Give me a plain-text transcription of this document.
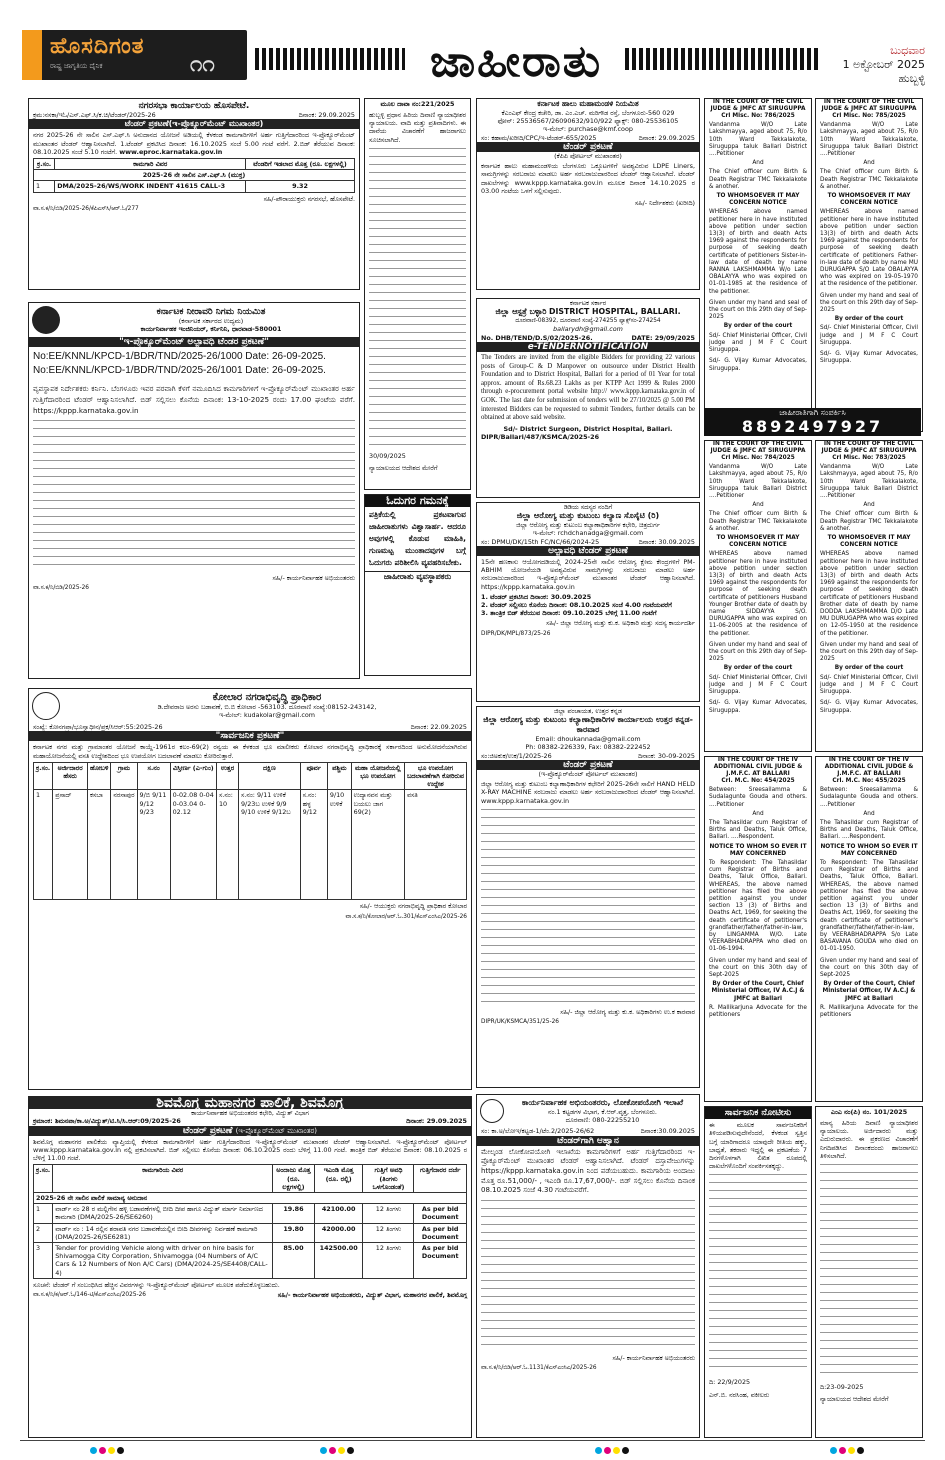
ಹೊಸದಿಗಂತ
ರಾಷ್ಟ್ರ ಜಾಗೃತಿಯ ದೈನಿಕ	೧೧	ಜಾಹೀರಾತು	ಬುಧವಾರ
1 ಅಕ್ಟೋಬರ್ 2025
ಹುಬ್ಬಳ್ಳಿ
ನಗರಸಭಾ ಕಾರ್ಯಾಲಯ ಹೊಸಪೇಟೆ.
ಕ್ರಮ:ನಸಕಾ/ಇಓ/ಎಸ್.ಎಫ್.ಸಿ/ಕ.ಚಿ/ಟೆಂಡರ್/2025-26	ದಿನಾಂಕ: 29.09.2025
ಟೆಂಡರ್ ಪ್ರಕಟಣೆ(ಇ-ಪ್ರೊಕ್ಯೂರ್‌ಮೆಂಟ್ ಮುಖಾಂತರ)
ನಗರ 2025-26 ನೇ ಸಾಲಿನ ಎಸ್.ಎಫ್.ಸಿ ಅನುದಾನದ ಯೋಜನೆ ಅಡಿಯಲ್ಲಿ ಕೆಳಕಂಡ ಕಾಮಗಾರಿಗಳಿಗೆ ಅರ್ಹ ಗುತ್ತಿಗೆದಾರರಿಂದ ಇ-ಪ್ರೊಕ್ಯೂರ್‌ಮೆಂಟ್ ಮುಖಾಂತರ ಟೆಂಡರ್ ಆಹ್ವಾನಿಸಲಾಗಿದೆ. 1.ಟೆಂಡರ್ ಪ್ರಕಟಿಸಿದ ದಿನಾಂಕ: 16.10.2025 ಸಂಜೆ 5.00 ಗಂಟೆ ವರೆಗೆ. 2.ಬಿಡ್ ತೆರೆಯುವ ದಿನಾಂಕ: 08.10.2025 ಸಂಜೆ 5.10 ಗಂಟೆಗೆ. www.eproc.karnataka.gov.in
ಕ್ರ.ಸಂ.	ಕಾಮಗಾರಿ ವಿವರ	ಟೆಂಡರಿಗೆ ಇಡಲಾದ ಮೊತ್ತ (ರೂ. ಲಕ್ಷಗಳಲ್ಲಿ)
2025-26 ನೇ ಸಾಲಿನ ಎಸ್.ಎಫ್.ಸಿ (ಮುಕ್ತ)		
1	DMA/2025-26/WS/WORK INDENT 41615 CALL-3	9.32
ಸಹಿ/-ಪೌರಾಯುಕ್ತರು ನಗರಸಭೆ, ಹೊಸಪೇಟೆ.
ವಾ.ಸ.ಕ/ನಿ/ಬಿಡಿ/2025-26/ಕೆಪಿಎಸ್‌ಸಿ/ಆರ್.ಓ/277
ಕರ್ನಾಟಕ ನೀರಾವರಿ ನಿಗಮ ನಿಯಮಿತ
(ಕರ್ನಾಟಕ ಸರ್ಕಾರದ ಉದ್ಯಮ)
ಕಾರ್ಯನಿರ್ವಾಹಕ ಇಂಜಿನಿಯರ್, ಕರ್ನಿನಿನಿ, ಧಾರವಾಡ-580001
"ಇ-ಪ್ರೊಕ್ಯೂರ್‌ಮೆಂಟ್ ಅಲ್ಪಾವಧಿ ಟೆಂಡರ ಪ್ರಕಟಣೆ"
No:EE/KNNL/KPCD-1/BDR/TND/2025-26/1000 Date: 26-09-2025.
No:EE/KNNL/KPCD-1/BDR/TND/2025-26/1001 Date: 26-09-2025.
ವ್ಯವಸ್ಥಾಪಕ ನಿರ್ದೇಶಕರು ಕರ್ನಿನಿ. ಬೆಂಗಳೂರು ಇವರ ಪರವಾಗಿ ಕೆಳಗೆ ನಮೂದಿಸಿದ ಕಾಮಗಾರಿಗಳಿಗೆ ಇ-ಪ್ರೊಕ್ಯೂರ್‌ಮೆಂಟ್ ಮುಖಾಂತರ ಅರ್ಹ ಗುತ್ತಿಗೆದಾರರಿಂದ ಟೆಂಡರ್ ಆಹ್ವಾನಿಸಲಾಗಿದೆ. ಬಿಡ್ ಸಲ್ಲಿಸಲು ಕೊನೆಯ ದಿನಾಂಕ: 13-10-2025 ರಂದು 17.00 ಘಂಟೆಯ ವರೆಗೆ. https://kppp.karnataka.gov.in
ಸಹಿ/- ಕಾರ್ಯನಿರ್ವಾಹಕ ಅಭಿಯಂತರರು
ವಾ.ಸ.ಕ/ನಿ/ಬಿಡಿ/2025-26
ಮೂಲ ದಾವಾ ನಂ:221/2025
ಹುಬ್ಬಳ್ಳಿ ಪ್ರಧಾನ ಹಿರಿಯ ದಿವಾಣಿ ನ್ಯಾಯಾಧೀಶರ ನ್ಯಾಯಾಲಯ. ವಾದಿ ಮತ್ತು ಪ್ರತಿವಾದಿಗಳು. ಈ ದಾವೆಯ ವಿಚಾರಣೆಗೆ ಹಾಜರಾಗಲು ಸೂಚಿಸಲಾಗಿದೆ.
30/09/2025
ನ್ಯಾಯಾಲಯದ ಆದೇಶದ ಮೇರೆಗೆ
ಓದುಗರ ಗಮನಕ್ಕೆ
ಪತ್ರಿಕೆಯಲ್ಲಿ ಪ್ರಕಟವಾಗುವ ಜಾಹೀರಾತುಗಳು ವಿಶ್ವಾಸಾರ್ಹ. ಆದರೂ ಅವುಗಳಲ್ಲಿ ಕೊಡುವ ಮಾಹಿತಿ, ಗುಣಮಟ್ಟ ಮುಂತಾದವುಗಳ ಬಗ್ಗೆ ಓದುಗರು ಪರಿಶೀಲಿಸಿ ವ್ಯವಹರಿಸಬೇಕು.
ಜಾಹೀರಾತು ವ್ಯವಸ್ಥಾಪಕರು
ಕರ್ನಾಟಕ ಹಾಲು ಮಹಾಮಂಡಳಿ ನಿಯಮಿತ
ಕೆಎಂಎಫ್ ಕೇಂದ್ರ ಕಚೇರಿ, ಡಾ. ಎಂ.ಎಚ್. ಮರಿಗೌಡ ರಸ್ತೆ, ಬೆಂಗಳೂರು-560 029
ಫೋನ್: 25536567/26090632/910/922 ಫ್ಯಾಕ್ಸ್: 080-25536105
ಇ-ಮೇಲ್: purchase@kmf.coop
ಸಂ: ಕಹಾಮ/ಖರೀದಿ/CPC/ಇ-ಟೆಂಡರ್-655/2025	ದಿನಾಂಕ: 29.09.2025
ಟೆಂಡರ್ ಪ್ರಕಟಣೆ
(ಕೆಪಿಪಿ ಪೋರ್ಟಲ್ ಮುಖಾಂತರ)
ಕರ್ನಾಟಕ ಹಾಲು ಮಹಾಮಂಡಳಿಯ ಬೆಂಗಳೂರು ಒಕ್ಕೂಟಗಳಿಗೆ ಅವಶ್ಯವಿರುವ LDPE Liners, ಸಾಮಗ್ರಿಗಳನ್ನು ಸರಬರಾಜು ಮಾಡಲು ಅರ್ಹ ಸರಬರಾಜುದಾರರಿಂದ ಟೆಂಡರ್ ಆಹ್ವಾನಿಸಲಾಗಿದೆ. ಟೆಂಡರ್ ದಾಖಲೆಗಳನ್ನು www.kppp.karnataka.gov.in ಮೂಲಕ ದಿನಾಂಕ 14.10.2025 ರ 03.00 ಗಂಟೆಯ ಒಳಗೆ ಸಲ್ಲಿಸುವುದು.
ಸಹಿ/- ನಿರ್ದೇಶಕರು (ಖರೀದಿ)
ಕರ್ನಾಟಕ ಸರ್ಕಾರ
ಜಿಲ್ಲಾ ಆಸ್ಪತ್ರೆ ಬಳ್ಳಾರಿ DISTRICT HOSPITAL, BALLARI.
ದೂರವಾಣಿ-08392, ದೂರವಾಣಿ ಸಂಖ್ಯೆ-274255 ಫ್ಯಾಕ್ಸ್‌ಸಂ-274254
ballarydh@gmail.com
No. DHB/TEND/D.S/02/2025-26.	DATE: 29/09/2025
e-TENDERNOTIFICATION
The Tenders are invited from the eligible Bidders for providing 22 various posts of Group-C & D Manpower on outsource under District Health Foundation and to District Hospital, Ballari for a period of 01 Year for total approx. amount of Rs.68.23 Lakhs as per KTPP Act 1999 & Rules 2000 through e-procurement portal website http:// www.kppp.karnataka.gov.in of GOK. The last date for submission of tenders will be 27/10/2025 @ 5.00 PM interested Bidders can be requested to submit Tenders, further details can be obtained at above said website.
Sd/- District Surgeon, District Hospital, Ballari.
DIPR/Ballari/487/KSMCA/2025-26
ಡಿಡಿಯ ಸದಸ್ಯರ ನಂದಿಗೆ
ಜಿಲ್ಲಾ ಆರೋಗ್ಯ ಮತ್ತು ಕುಟುಂಬ ಕಲ್ಯಾಣ ಸೊಸೈಟಿ (ರಿ)
ಜಿಲ್ಲಾ ಆರೋಗ್ಯ ಮತ್ತು ಕುಟುಂಬ ಕಲ್ಯಾಣಾಧಿಕಾರಿಗಳ ಕಛೇರಿ, ಚಿತ್ರದುರ್ಗ
ಇ-ಮೇಲ್: rchdchanadga@gmail.com
ಸಂ: DPMU/DK/15th FC/NC/66/2024-25	ದಿನಾಂಕ: 30.09.2025
ಅಲ್ಪಾವಧಿ ಟೆಂಡರ್ ಪ್ರಕಟಣೆ
15ನೇ ಹಣಕಾಸು ಆಯೋಗದಡಿಯಲ್ಲಿ 2024-25ನೇ ಸಾಲಿನ ಆರೋಗ್ಯ ಕ್ಷೇಮ ಕೇಂದ್ರಗಳಿಗೆ PM-ABHIM ಯೋಜನೆಯಡಿ ಅವಶ್ಯವಿರುವ ಸಾಮಗ್ರಿಗಳನ್ನು ಸರಬರಾಜು ಮಾಡಲು ಅರ್ಹ ಸರಬರಾಜುದಾರರಿಂದ ಇ-ಪ್ರೊಕ್ಯೂರ್‌ಮೆಂಟ್ ಮುಖಾಂತರ ಟೆಂಡರ್ ಆಹ್ವಾನಿಸಲಾಗಿದೆ. https://kppp.karnataka.gov.in
1. ಟೆಂಡರ್ ಪ್ರಕಟಿಸಿದ ದಿನಾಂಕ: 30.09.2025
2. ಟೆಂಡರ್ ಸಲ್ಲಿಸಲು ಕೊನೆಯ ದಿನಾಂಕ: 08.10.2025 ಸಂಜೆ 4.00 ಗಂಟೆಯವರೆಗೆ
3. ತಾಂತ್ರಿಕ ಬಿಡ್ ತೆರೆಯುವ ದಿನಾಂಕ: 09.10.2025 ಬೆಳಿಗ್ಗೆ 11.00 ಗಂಟೆಗೆ
ಸಹಿ/- ಜಿಲ್ಲಾ ಆರೋಗ್ಯ ಮತ್ತು ಕು.ಕ. ಅಧಿಕಾರಿ ಮತ್ತು ಸದಸ್ಯ ಕಾರ್ಯದರ್ಶಿ
DIPR/DK/MPL/873/25-26
IN THE COURT OF THE CIVIL JUDGE & JMFC AT SIRUGUPPA
Crl Misc. No: 786/2025
Vandanma W/O Late Lakshmayya, aged about 75, R/o 10th Ward Tekkalakote, Siruguppa taluk Ballari District ....Petitioner
And
The Chief officer cum Birth & Death Registrar TMC Tekkalakote & another.
TO WHOMSOEVER IT MAY CONCERN NOTICE
WHEREAS above named petitioner here in have instituted above petition under section 13(3) of birth and death Acts 1969 against the respondents for purpose of seeking death certificate of petitioners Sister-in-law date of death by name RANNA LAKSHMAMMA W/o Late OBALAYYA who was expired on 01-01-1985 at the residence of the petitioner.
Given under my hand and seal of the court on this 29th day of Sep-2025
By order of the court
Sd/- Chief Ministerial Officer, Civil judge and J M F C Court Siruguppa.
Sd/- G. Vijay Kumar Advocates, Siruguppa.
IN THE COURT OF THE CIVIL JUDGE & JMFC AT SIRUGUPPA
Crl Misc. No: 785/2025
Vandanma W/O Late Lakshmayya, aged about 75, R/o 10th Ward Tekkalakote, Siruguppa taluk Ballari District ....Petitioner
And
The Chief officer cum Birth & Death Registrar TMC Tekkalakote & another.
TO WHOMSOEVER IT MAY CONCERN NOTICE
WHEREAS above named petitioner here in have instituted above petition under section 13(3) of birth and death Acts 1969 against the respondents for purpose of seeking death certificate of petitioners Father-in-law date of death by name MU DURUGAPPA S/O Late OBALAYYA who was expired on 19-05-1970 at the residence of the petitioner.
Given under my hand and seal of the court on this 29th day of Sep-2025
By order of the court
Sd/- Chief Ministerial Officer, Civil judge and J M F C Court Siruguppa.
Sd/- G. Vijay Kumar Advocates, Siruguppa.
ಜಾಹೀರಾತಿಗಾಗಿ ಸಂಪರ್ಕಿಸಿ
8892497927
IN THE COURT OF THE CIVIL JUDGE & JMFC AT SIRUGUPPA
Crl Misc. No: 784/2025
Vandanma W/O Late Lakshmayya, aged about 75, R/o 10th Ward Tekkalakote, Siruguppa taluk Ballari District ....Petitioner
And
The Chief officer cum Birth & Death Registrar TMC Tekkalakote & another.
TO WHOMSOEVER IT MAY CONCERN NOTICE
WHEREAS above named petitioner here in have instituted above petition under section 13(3) of birth and death Acts 1969 against the respondents for purpose of seeking death certificate of petitioners Husband Younger Brother date of death by name SIDDAYYA S/O. DURUGAPPA who was expired on 11-06-2005 at the residence of the petitioner.
Given under my hand and seal of the court on this 29th day of Sep-2025
By order of the court
Sd/- Chief Ministerial Officer, Civil judge and J M F C Court Siruguppa.
Sd/- G. Vijay Kumar Advocates, Siruguppa.
IN THE COURT OF THE CIVIL JUDGE & JMFC AT SIRUGUPPA
Crl Misc. No: 783/2025
Vandanma W/O Late Lakshmayya, aged about 75, R/o 10th Ward Tekkalakote, Siruguppa taluk Ballari District ....Petitioner
And
The Chief officer cum Birth & Death Registrar TMC Tekkalakote & another.
TO WHOMSOEVER IT MAY CONCERN NOTICE
WHEREAS above named petitioner here in have instituted above petition under section 13(3) of birth and death Acts 1969 against the respondents for purpose of seeking death certificate of petitioners Husband Brother date of death by name DODDA LAKSHMAMMA D/O Late MU DURUGAPPA who was expired on 12-05-1950 at the residence of the petitioner.
Given under my hand and seal of the court on this 29th day of Sep-2025
By order of the court
Sd/- Chief Ministerial Officer, Civil judge and J M F C Court Siruguppa.
Sd/- G. Vijay Kumar Advocates, Siruguppa.
ಕೋಲಾರ ನಗರಾಭಿವೃದ್ಧಿ ಪ್ರಾಧಿಕಾರ
ಡಿ.ದೇವರಾಜ ಅರಸು ಬಡಾವಣೆ, ಬಿ.ಬಿ ಕೋಲಾರ -563103. ದೂರವಾಣಿ ಸಂಖ್ಯೆ:08152-243142,
ಇ-ಮೇಲ್: kudakolar@gmail.com
ಸಂಖ್ಯೆ: ಕೋನಗಪ್ರಾ/ಭೂಸ್ವಾಧೀನ/ಪ್ರಕ/ಸಿಆರ್:55:2025-26	ದಿನಾಂಕ: 22.09.2025
"ಸಾರ್ವಜನಿಕ ಪ್ರಕಟಣೆ"
ಕರ್ನಾಟಕ ನಗರ ಮತ್ತು ಗ್ರಾಮಾಂತರ ಯೋಜನೆ ಕಾಯ್ದೆ-1961ರ ಕಲಂ-69(2) ರನ್ವಯ ಈ ಕೆಳಕಂಡ ಭೂ ಮಾಲೀಕರು ಕೋಲಾರ ನಗರಾಭಿವೃದ್ಧಿ ಪ್ರಾಧಿಕಾರಕ್ಕೆ ಸರ್ಕಾರದಿಂದ ಅನುಮೋದನೆಯಾಗಿರುವ ಮಹಾಯೋಜನೆಯಲ್ಲಿ ವಸತಿ ಉದ್ದೇಶದಿಂದ ಭೂ ಉಪಯೋಗ ಬದಲಾವಣೆ ಮಾಡಲು ಕೋರಿರುತ್ತಾರೆ.
ಕ್ರ.ಸಂ.	ಅರ್ಜಿದಾರರ ಹೆಸರು	ಹೋಬಳಿ	ಗ್ರಾಮ	ಸ.ನಂ	ವಿಸ್ತೀರ್ಣ (ಎ-ಗುಂ)	ಉತ್ತರ	ದಕ್ಷಿಣ	ಪೂರ್ವ	ಪಶ್ಚಿಮ	ಮಹಾ ಯೋಜನೆಯಲ್ಲಿ ಭೂ ಉಪಯೋಗ	ಭೂ ಉಪಯೋಗ ಬದಲಾವಣೆಗಾಗಿ ಕೋರಿರುವ ಉದ್ದೇಶ
1	ಪ್ರಸಾದ್	ಕಸಬಾ	ನರಸಾಪುರ	9/ಬಿ 9/11 9/12 9/23	0-02.08 0-04 0-03.04 0-02.12	ಸ.ನಂ: 10	ಸ.ನಂ: 9/11 ಉಳಿಕೆ 9/23ಬ ಉಳಿಕೆ 9/9 9/10 ಉಳಿಕೆ 9/12ಬ	ಸ.ನಂ: ಹಳ್ಳ 9/12	9/10 ಉಳಿಕೆ	ಉದ್ಯಾನವನ ಮತ್ತು ಬಯಲು ಜಾಗ 69(2)	ವಸತಿ
ಸಹಿ/- ಆಯುಕ್ತರು ನಗರಾಭಿವೃದ್ಧಿ ಪ್ರಾಧಿಕಾರ ಕೋಲಾರ
ವಾ.ಸ.ಕ/ನಿ/ಕೋಲಾರ/ಆರ್.ಓ.301/ಕೆಎಸ್‌ಎಂಸಿಎ/2025-26
ಜಿಲ್ಲಾ ಪಂಚಾಯತ, ಉತ್ತರ ಕನ್ನಡ
ಜಿಲ್ಲಾ ಆರೋಗ್ಯ ಮತ್ತು ಕುಟುಂಬ ಕಲ್ಯಾಣಾಧಿಕಾರಿಗಳ ಕಾರ್ಯಾಲಯ ಉತ್ತರ ಕನ್ನಡ-ಕಾರವಾರ
Email: dhoukannada@gmail.com
Ph: 08382-226339, Fax: 08382-222452
ಸಂ:ಜಿಅಕುಕ/ಉಕ/1/2025-26	ದಿನಾಂಕ: 30-09-2025
ಟೆಂಡರ್ ಪ್ರಕಟಣೆ
(ಇ-ಪ್ರೊಕ್ಯೂರ್‌ಮೆಂಟ್ ಪೋರ್ಟಲ್ ಮುಖಾಂತರ)
ಜಿಲ್ಲಾ ಆರೋಗ್ಯ ಮತ್ತು ಕುಟುಂಬ ಕಲ್ಯಾಣಾಧಿಕಾರಿಗಳ ಕಛೇರಿಗೆ 2025-26ನೇ ಸಾಲಿಗೆ HAND HELD X-RAY MACHINE ಸರಬರಾಜು ಮಾಡಲು ಅರ್ಹ ಸರಬರಾಜುದಾರರಿಂದ ಟೆಂಡರ್ ಆಹ್ವಾನಿಸಲಾಗಿದೆ. www.kppp.karnataka.gov.in
ಸಹಿ/- ಜಿಲ್ಲಾ ಆರೋಗ್ಯ ಮತ್ತು ಕು.ಕ. ಅಧಿಕಾರಿಗಳು ಉ.ಕ ಕಾರವಾರ
DIPR/UK/KSMCA/351/25-26
IN THE COURT OF THE IV ADDITIONAL CIVIL JUDGE & J.M.F.C. AT BALLARI
Crl. M.C. No: 454/2025
Between: Sreesailamma & Sudalagunte Gouda and others. ....Petitioner
And
The Tahasildar cum Registrar of Births and Deaths, Taluk Office, Ballari. ....Respondent.
NOTICE TO WHOM SO EVER IT MAY CONCERNED
To Respondent: The Tahasildar cum Registrar of Births and Deaths, Taluk Office, Ballari. WHEREAS, the above named petitioner has filed the above petition against you under section 13 (3) of Births and Deaths Act, 1969, for seeking the death certificate of petitioner's grandfather/father/father-in-law, by LINGAMMA W/O. Late VEERABHADRAPPA who died on 01-06-1994.
Given under my hand and seal of the court on this 30th day of Sept-2025
By Order of the Court, Chief Ministerial Officer, IV A.C.J & JMFC at Ballari
R. Mallikarjuna Advocate for the petitioners
IN THE COURT OF THE IV ADDITIONAL CIVIL JUDGE & J.M.F.C. AT BALLARI
Crl. M.C. No: 455/2025
Between: Sreesailamma & Sudalagunte Gouda and others. ....Petitioner
And
The Tahasildar cum Registrar of Births and Deaths, Taluk Office, Ballari. ....Respondent.
NOTICE TO WHOM SO EVER IT MAY CONCERNED
To Respondent: The Tahasildar cum Registrar of Births and Deaths, Taluk Office, Ballari. WHEREAS, the above named petitioner has filed the above petition against you under section 13 (3) of Births and Deaths Act, 1969, for seeking the death certificate of petitioner's grandfather/father/father-in-law, by VEERABHADRAPPA S/o Late BASAVANA GOUDA who died on 01-01-1950.
Given under my hand and seal of the court on this 30th day of Sept-2025
By Order of the Court, Chief Ministerial Officer, IV A.C.J & JMFC at Ballari
R. Mallikarjuna Advocate for the petitioners
ಶಿವಮೊಗ್ಗ ಮಹಾನಗರ ಪಾಲಿಕೆ, ಶಿವಮೊಗ್ಗ
ಕಾರ್ಯನಿರ್ವಾಹಕ ಅಭಿಯಂತರರ ಕಛೇರಿ, ವಿದ್ಯುತ್ ವಿಭಾಗ
ಕ್ರಮಾಂಕ: ಶಿಮನಪಾ/ಕಾ.ಅ/ವಿದ್ಯುತ್/ಟಿ.ಸಿ/ಸಿ.ಆರ್:09/2025-26	ದಿನಾಂಕ: 29.09.2025
ಟೆಂಡರ್ ಪ್ರಕಟಣೆ (ಇ-ಪ್ರೊಕ್ಯೂರ್‌ಮೆಂಟ್ ಮುಖಾಂತರ)
ಶಿವಮೊಗ್ಗ ಮಹಾನಗರ ಪಾಲಿಕೆಯ ವ್ಯಾಪ್ತಿಯಲ್ಲಿ ಕೆಳಕಂಡ ಕಾಮಗಾರಿಗಳಿಗೆ ಅರ್ಹ ಗುತ್ತಿಗೆದಾರರಿಂದ ಇ-ಪ್ರೊಕ್ಯೂರ್‌ಮೆಂಟ್ ಮುಖಾಂತರ ಟೆಂಡರ್ ಆಹ್ವಾನಿಸಲಾಗಿದೆ. ಇ-ಪ್ರೊಕ್ಯೂರ್‌ಮೆಂಟ್ ಪೋರ್ಟಲ್ www.kppp.karnataka.gov.in ನಲ್ಲಿ ಪ್ರಕಟಿಸಲಾಗಿದೆ. ಬಿಡ್ ಸಲ್ಲಿಸಲು ಕೊನೆಯ ದಿನಾಂಕ: 06.10.2025 ರಂದು ಬೆಳಿಗ್ಗೆ 11.00 ಗಂಟೆ. ತಾಂತ್ರಿಕ ಬಿಡ್ ತೆರೆಯುವ ದಿನಾಂಕ: 08.10.2025 ರ ಬೆಳಿಗ್ಗೆ 11.00 ಗಂಟೆ.
ಕ್ರ.ಸಂ.	ಕಾಮಗಾರಿಯ ವಿವರ	ಅಂದಾಜು ಮೊತ್ತ (ರೂ. ಲಕ್ಷಗಳಲ್ಲಿ)	ಇಎಂಡಿ ಮೊತ್ತ (ರೂ. ರಲ್ಲಿ)	ಗುತ್ತಿಗೆ ಅವಧಿ (ತಿಂಗಳು ಒಳಗೊಂಡಂತೆ)	ಗುತ್ತಿಗೆದಾರರ ದರ್ಜೆ
2025-26 ನೇ ಸಾಲಿನ ಪಾಲಿಕೆ ಸಾಮಾನ್ಯ ಅನುದಾನ					
1	ವಾರ್ಡ್ ನಂ 28 ರ ಮಲ್ಲಿಗೇನ ಹಳ್ಳಿ ಬಡಾವಣೆಗಳಲ್ಲಿ ಬೀದಿ ದೀಪ ಹಾಗೂ ವಿದ್ಯುತ್ ಮಾರ್ಗ ನಿರ್ಮಾಣದ ಕಾಮಗಾರಿ (DMA/2025-26/SE6260)	19.86	42100.00	12 ತಿಂಗಳು	As per bid Document
2	ವಾರ್ಡ್ ನಂ : 14 ರಲ್ಲಿನ ಶರಾವತಿ ನಗರ ಬಡಾವಣೆಯಲ್ಲಿನ ಬೀದಿ ದೀಪಗಳನ್ನು ನಿರ್ವಹಣೆ ಕಾಮಗಾರಿ (DMA/2025-26/SE6281)	19.80	42000.00	12 ತಿಂಗಳು	As per bid Document
3	Tender for providing Vehicle along with driver on hire basis for Shivamogga City Corporation, Shivamogga (04 Numbers of A/C Cars & 12 Numbers of Non A/C Cars) (DMA/2024-25/SE4408/CALL-4)	85.00	142500.00	12 ತಿಂಗಳು	As per bid Document
ಸೂಚನೆ: ಟೆಂಡರ್ ಗೆ ಸಂಬಂಧಿಸಿದ ಹೆಚ್ಚಿನ ವಿವರಗಳನ್ನು ಇ-ಪ್ರೊಕ್ಯೂರ್‌ಮೆಂಟ್ ಪೋರ್ಟಲ್ ಮೂಲಕ ಪಡೆದುಕೊಳ್ಳಬಹುದು.
ವಾ.ಸ.ಕ/ನಿ/ಕ/ಆರ್.ಓ/146-ಟಿ/ಕೆಎಸ್‌ಎಂಸಿಎ/2025-26	ಸಹಿ/- ಕಾರ್ಯನಿರ್ವಾಹಕ ಅಭಿಯಂತರರು, ವಿದ್ಯುತ್ ವಿಭಾಗ, ಮಹಾನಗರ ಪಾಲಿಕೆ, ಶಿವಮೊಗ್ಗ
ಕಾರ್ಯನಿರ್ವಾಹಕ ಅಭಿಯಂತರರು, ಲೋಕೋಪಯೋಗಿ ಇಲಾಖೆ
ನಂ.1 ಕಟ್ಟಡಗಳ ವಿಭಾಗ, ಕೆ.ಆರ್.ವೃತ್ತ, ಬೆಂಗಳೂರು.
ದೂರವಾಣಿ: 080-22255210
ಸಂ: ಕಾ.ಅ/ಲೋಇ/ಕಟ್ಟಡ-1/ಟೆಂ.2/2025-26/62	ದಿನಾಂಕ:30.09.2025
ಟೆಂಡರ್‌ಗಾಗಿ ಆಹ್ವಾನ
ಮೇಲ್ಕಂಡ ಲೋಕೋಪಯೋಗಿ ಇಲಾಖೆಯ ಕಾಮಗಾರಿಗಳಿಗೆ ಅರ್ಹ ಗುತ್ತಿಗೆದಾರರಿಂದ ಇ-ಪ್ರೊಕ್ಯೂರ್‌ಮೆಂಟ್ ಮುಖಾಂತರ ಟೆಂಡರ್ ಆಹ್ವಾನಿಸಲಾಗಿದೆ. ಟೆಂಡರ್ ದಸ್ತಾವೇಜುಗಳನ್ನು https://kppp.karnataka.gov.in ನಿಂದ ಪಡೆಯಬಹುದು. ಕಾಮಗಾರಿಯ ಅಂದಾಜು ಮೊತ್ತ ರೂ.51,000/- , ಇಎಂಡಿ ರೂ.17,67,000/-. ಬಿಡ್ ಸಲ್ಲಿಸಲು ಕೊನೆಯ ದಿನಾಂಕ 08.10.2025 ಸಂಜೆ 4.30 ಗಂಟೆಯವರೆಗೆ.
ಸಹಿ/- ಕಾರ್ಯನಿರ್ವಾಹಕ ಅಭಿಯಂತರರು
ವಾ.ಸ.ಕ/ನಿ/ಬಿಡಿ/ಆರ್.ಓ.1131/ಕೆಎಸ್‌ಎಂಸಿಎ/2025-26
ಸಾರ್ವಜನಿಕ ನೋಟೀಸು
ಈ ಮೂಲಕ ಸಾರ್ವಜನಿಕರಿಗೆ ತಿಳಿಯಪಡಿಸುವುದೇನೆಂದರೆ, ಕೆಳಕಂಡ ಸ್ವತ್ತಿನ ಬಗ್ಗೆ ಯಾರಿಗಾದರೂ ಯಾವುದೇ ರೀತಿಯ ಹಕ್ಕು, ಬಾಧ್ಯತೆ, ತಕರಾರು ಇದ್ದಲ್ಲಿ ಈ ಪ್ರಕಟಣೆಯ 7 ದಿನಗಳೊಳಗಾಗಿ ಲಿಖಿತ ರೂಪದಲ್ಲಿ ದಾಖಲೆಗಳೊಂದಿಗೆ ಸಂಪರ್ಕಿಸತಕ್ಕದ್ದು.
ದಿ: 22/9/2025
ಎನ್.ಬಿ. ನರಸಿಂಹ, ವಕೀಲರು
ಎಂಎ ನಂ(ಪಿ) ನಂ. 101/2025
ಮಾನ್ಯ ಹಿರಿಯ ದಿವಾಣಿ ನ್ಯಾಯಾಧೀಶರ ನ್ಯಾಯಾಲಯ. ಅರ್ಜಿದಾರರು ಮತ್ತು ಎದುರುದಾರರು. ಈ ಪ್ರಕರಣದ ವಿಚಾರಣೆಗೆ ನಿಗದಿಪಡಿಸಿದ ದಿನಾಂಕದಂದು ಹಾಜರಾಗಲು ತಿಳಿಸಲಾಗಿದೆ.
ದಿ:23-09-2025
ನ್ಯಾಯಾಲಯದ ಆದೇಶದ ಮೇರೆಗೆ
